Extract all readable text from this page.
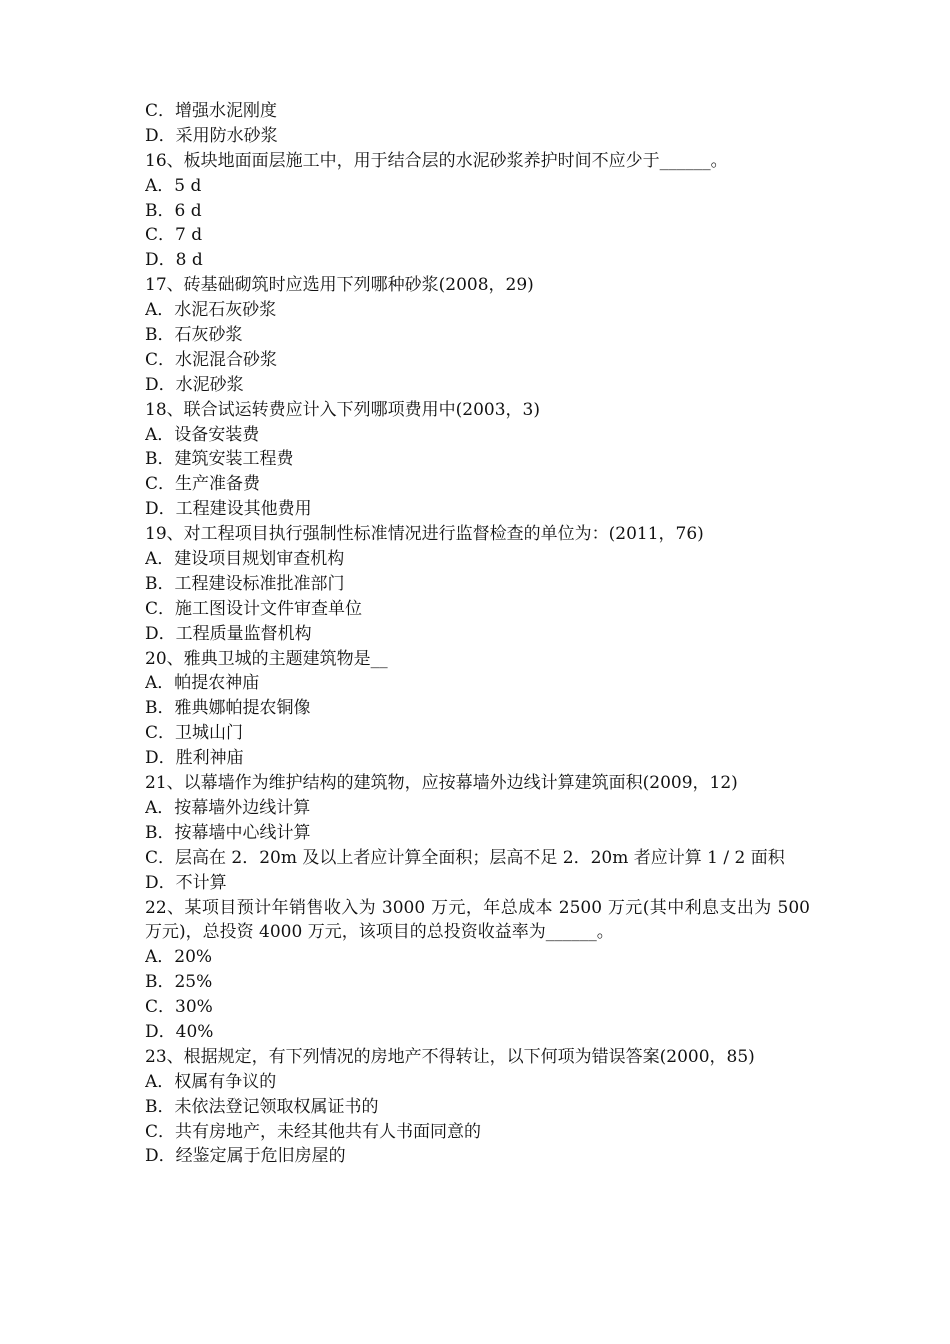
C．增强水泥刚度
D．采用防水砂浆
16、板块地面面层施工中，用于结合层的水泥砂浆养护时间不应少于______。
A．5 d
B．6 d
C．7 d
D．8 d
17、砖基础砌筑时应选用下列哪种砂浆(2008，29)
A．水泥石灰砂浆
B．石灰砂浆
C．水泥混合砂浆
D．水泥砂浆
18、联合试运转费应计入下列哪项费用中(2003，3)
A．设备安装费
B．建筑安装工程费
C．生产准备费
D．工程建设其他费用
19、对工程项目执行强制性标准情况进行监督检查的单位为：(2011，76)
A．建设项目规划审查机构
B．工程建设标准批准部门
C．施工图设计文件审查单位
D．工程质量监督机构
20、雅典卫城的主题建筑物是__
A．帕提农神庙
B．雅典娜帕提农铜像
C．卫城山门
D．胜利神庙
21、以幕墙作为维护结构的建筑物，应按幕墙外边线计算建筑面积(2009，12)
A．按幕墙外边线计算
B．按幕墙中心线计算
C．层高在 2．20m 及以上者应计算全面积；层高不足 2．20m 者应计算 1 / 2 面积
D．不计算
22、某项目预计年销售收入为 3000 万元，年总成本 2500 万元(其中利息支出为 500 万元)，总投资 4000 万元，该项目的总投资收益率为______。
A．20%
B．25%
C．30%
D．40%
23、根据规定，有下列情况的房地产不得转让，以下何项为错误答案(2000，85)
A．权属有争议的
B．未依法登记领取权属证书的
C．共有房地产，未经其他共有人书面同意的
D．经鉴定属于危旧房屋的
